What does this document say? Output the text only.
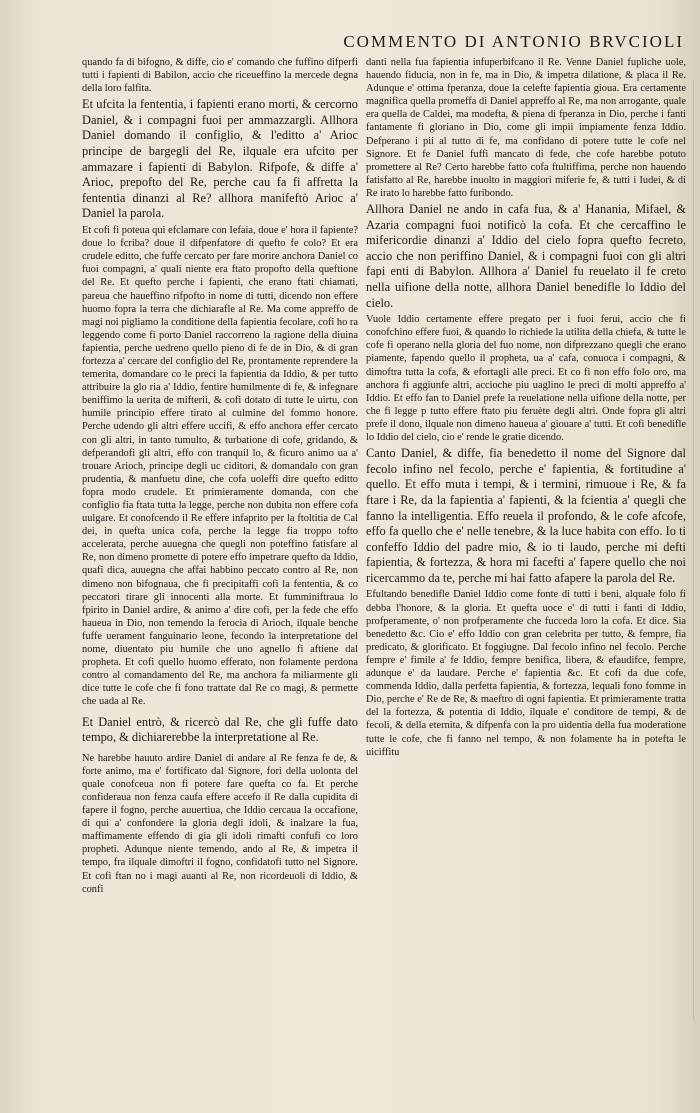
COMMENTO DI ANTONIO BRVCIOLI

quando fa di bifogno, & diffe, cio e' comando che fuffino difperfi tutti i fapienti di Babilon, accio che riceueffino la mercede degna della loro falfita.

Et ufcita la fententia, i fapienti erano morti, & cercorno Daniel, & i compagni fuoi per ammazzargli. Allhora Daniel domando il configlio, & l'editto a' Arioc principe de bargegli del Re, ilquale era ufcito per ammazare i fapienti di Babylon. Rifpofe, & diffe a' Arioc, prepofto del Re, perche cau fa fi affretta la fententia dinanzi al Re? allhora manifeftò Arioc a' Daniel la parola.

Et cofi fi poteua qui efclamare con Iefaia, doue e' hora il fapiente? doue lo fcriba? doue il difpenfatore di quefto fe colo? Et era crudele editto, che fuffe cercato per fare morire anchora Daniel co fuoi compagni, a' quali niente era ftato propofto della queftione del Re. Et quefto perche i fapienti, che erano ftati chiamati, pareua che haueffino rifpofto in nome di tutti, dicendo non effere huomo fopra la terra che dichiarafle al Re. Ma come appreffo de magi noi pigliamo la conditione della fapientia fecolare, cofi ho ra leggendo come fi porto Daniel raccorreno la ragione della diuina fapientia, perche uedreno quello pieno di fe de in Dio, & di gran fortezza a' cercare del configlio del Re, prontamente reprendere la temerita, domandare co le preci la fapientia da Iddio, & per tutto attribuire la glo ria a' Iddio, fentire humilmente di fe, & infegnare beniffimo la uerita de mifterii, & cofi dotato di tutte le uirtu, con humile principio effere tirato al culmine del fommo honore. Perche udendo gli altri effere uccifi, & effo anchora effer cercato con gli altri, in tanto tumulto, & turbatione di cofe, gridando, & defperandofi gli altri, effo con tranquil lo, & ficuro animo ua a' trouare Arioch, principe degli uc ciditori, & domandalo con gran prudentia, & manfuetu dine, che cofa uoleffi dire quefto editto fopra modo crudele. Et primieramente domanda, con che configlio fia ftata tutta la legge, perche non dubita non effere cofa uulgare. Et conofcendo il Re effere infaprito per la ftoltitia de Cal dei, in quefta unica cofa, perche la legge fia troppo tofto accelerata, perche auuegna che quegli non poteffino fatisfare al Re, non dimeno promette di potere effo impetrare quefto da Iddio, quafi dica, auuegna che affai habbino peccato contro al Re, non dimeno non bifognaua, che fi precipitaffi cofi la fententia, & co peccatori tirare gli innocenti alla morte. Et fumminiftraua lo fpirito in Daniel ardire, & animo a' dire cofi, per la fede che effo haueua in Dio, non temendo la ferocia di Arioch, ilquale benche fuffe uerament fanguinario leone, fecondo la interpretatione del nome, diuentato piu humile che uno agnello fi aftiene dal propheta. Et cofi quello huomo efferato, non folamente perdona contro al comandamento del Re, ma anchora fa miliarmente gli dice tutte le cofe che fi fono trattate dal Re co magi, & permette che uada al Re.

Et Daniel entrò, & ricercò dal Re, che gli fuffe dato tempo, & dichiarerebbe la interpretatione al Re.

Ne harebbe hauuto ardire Daniel di andare al Re fenza fe de, & forte animo, ma e' fortificato dal Signore, fori della uolonta del quale conofceua non fi potere fare quefta co fa. Et perche confideraua non fenza caufa effere accefo il Re dalla cupidita di fapere il fogno, perche auuertiua, che Iddio cercaua la occafione, di qui a' confondere la gloria degli idoli, & inalzare la fua, maffimamente effendo di gia gli idoli rimafti confufi co loro propheti. Adunque niente temendo, ando al Re, & impetra il tempo, fra ilquale dimoftri il fogno, confidatofi tutto nel Signore. Et cofi ftan no i magi auanti al Re, non ricordeuoli di Iddio, & confi

danti nella fua fapientia infuperbifcano il Re. Venne Daniel fupliche uole, hauendo fiducia, non in fe, ma in Dio, & impetra dilatione, & placa il Re. Adunque e' ottima fperanza, doue la celefte fapientia gioua. Era certamente magnifica quella promeffa di Daniel appreffo al Re, ma non arrogante, quale era quella de Caldei, ma modefta, & piena di fperanza in Dio, perche i fanti fantamente fi gloriano in Dio, come gli impii impiamente fenza Iddio. Defperano i pii al tutto di fe, ma confidano di potere tutte le cofe nel Signore. Et fe Daniel fuffi mancato di fede, che cofe harebbe potuto promettere al Re? Certo harebbe fatto cofa ftultiffima, perche non hauendo fatisfatto al Re, harebbe inuolto in maggiori miferie fe, & tutti i Iudei, & di Re irato lo harebbe fatto furibondo.

Allhora Daniel ne ando in cafa fua, & a' Hanania, Mifael, & Azaria compagni fuoi notificò la cofa. Et che cercaffino le mifericordie dinanzi a' Iddio del cielo fopra quefto fecreto, accio che non periffino Daniel, & i compagni fuoi con gli altri fapi enti di Babylon. Allhora a' Daniel fu reuelato il fe creto nella uifione della notte, allhora Daniel benedifle lo Iddio del cielo.

Vuole Iddio certamente effere pregato per i fuoi ferui, accio che fi conofchino effere fuoi, & quando lo richiede la utilita della chiefa, & tutte le cofe fi operano nella gloria del fuo nome, non difprezzano quegli che erano piamente, fapendo quello il propheta, ua a' cafa, conuoca i compagni, & dimoftra tutta la cofa, & efortagli alle preci. Et co fi non effo folo oro, ma anchora fi aggiunfe altri, accioche piu uaglino le preci di molti appreffo a' Iddio. Et effo fan to Daniel prefe la reuelatione nella uifione della notte, per che fi legge p tutto effere ftato piu feruète degli altri. Onde fopra gli altri prefe il dono, ilquale non dimeno haueua a' giouare a' tutti. Et cofi benedifle lo Iddio del cielo, cio e' rende le gratie dicendo.

Canto Daniel, & diffe, fia benedetto il nome del Signore dal fecolo infino nel fecolo, perche e' fapientia, & fortitudine a' quello. Et effo muta i tempi, & i termini, rimuoue i Re, & fa ftare i Re, da la fapientia a' fapienti, & la fcientia a' quegli che fanno la intelligentia. Effo reuela il profondo, & le cofe afcofe, effo fa quello che e' nelle tenebre, & la luce habita con effo. Io ti confeffo Iddio del padre mio, & io ti laudo, perche mi defti fapientia, & fortezza, & hora mi facefti a' fapere quello che noi ricercammo da te, perche mi hai fatto afapere la parola del Re.

Efultando benedifle Daniel Iddio come fonte di tutti i beni, alquale folo fi debba l'honore, & la gloria. Et quefta uoce e' di tutti i fanti di Iddio, profperamente, o' non profperamente che fucceda loro la cofa. Et dice. Sia benedetto &c. Cio e' effo Iddio con gran celebrita per tutto, & fempre, fia predicato, & glorificato. Et foggiugne. Dal fecolo infino nel fecolo. Perche fempre e' fimile a' fe Iddio, fempre benifica, libera, & efaudifce, fempre, adunque e' da laudare. Perche e' fapientia &c. Et cofi da due cofe, commenda Iddio, dalla perfetta fapientia, & fortezza, lequali fono fomme in Dio, perche e' Re de Re, & maeftro di ogni fapientia. Et primieramente tratta del la fortezza, & potentia di Iddio, ilquale e' conditore de tempi, & de fecoli, & della eternita, & difpenfa con la pro uidentia della fua moderatione tutte le cofe, che fi fanno nel tempo, & non folamente ha in potefta le uiciffitu
